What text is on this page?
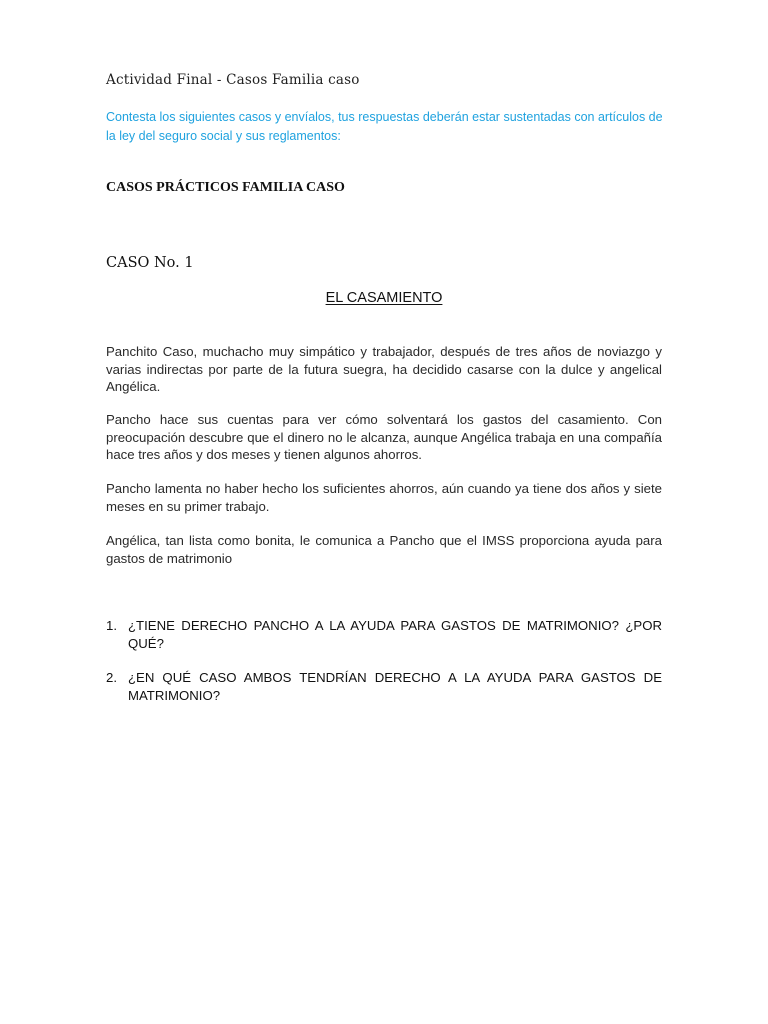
Actividad Final - Casos Familia caso

Contesta los siguientes casos y envíalos, tus respuestas deberán estar sustentadas con artículos de la ley del seguro social y sus reglamentos:

CASOS PRÁCTICOS FAMILIA CASO

CASO No. 1

EL CASAMIENTO

Panchito Caso, muchacho muy simpático y trabajador, después de tres años de noviazgo y varias indirectas por parte de la futura suegra, ha decidido casarse con la dulce y angelical Angélica.

Pancho hace sus cuentas para ver cómo solventará los gastos del casamiento. Con preocupación descubre que el dinero no le alcanza, aunque Angélica trabaja en una compañía hace tres años y dos meses y tienen algunos ahorros.

Pancho lamenta no haber hecho los suficientes ahorros, aún cuando ya tiene dos años y siete meses en su primer trabajo.

Angélica, tan lista como bonita, le comunica a Pancho que el IMSS proporciona ayuda para gastos de matrimonio

1. ¿TIENE DERECHO PANCHO A LA AYUDA PARA GASTOS DE MATRIMONIO? ¿POR QUÉ?
2. ¿EN QUÉ CASO AMBOS TENDRÍAN DERECHO A LA AYUDA PARA GASTOS DE MATRIMONIO?
